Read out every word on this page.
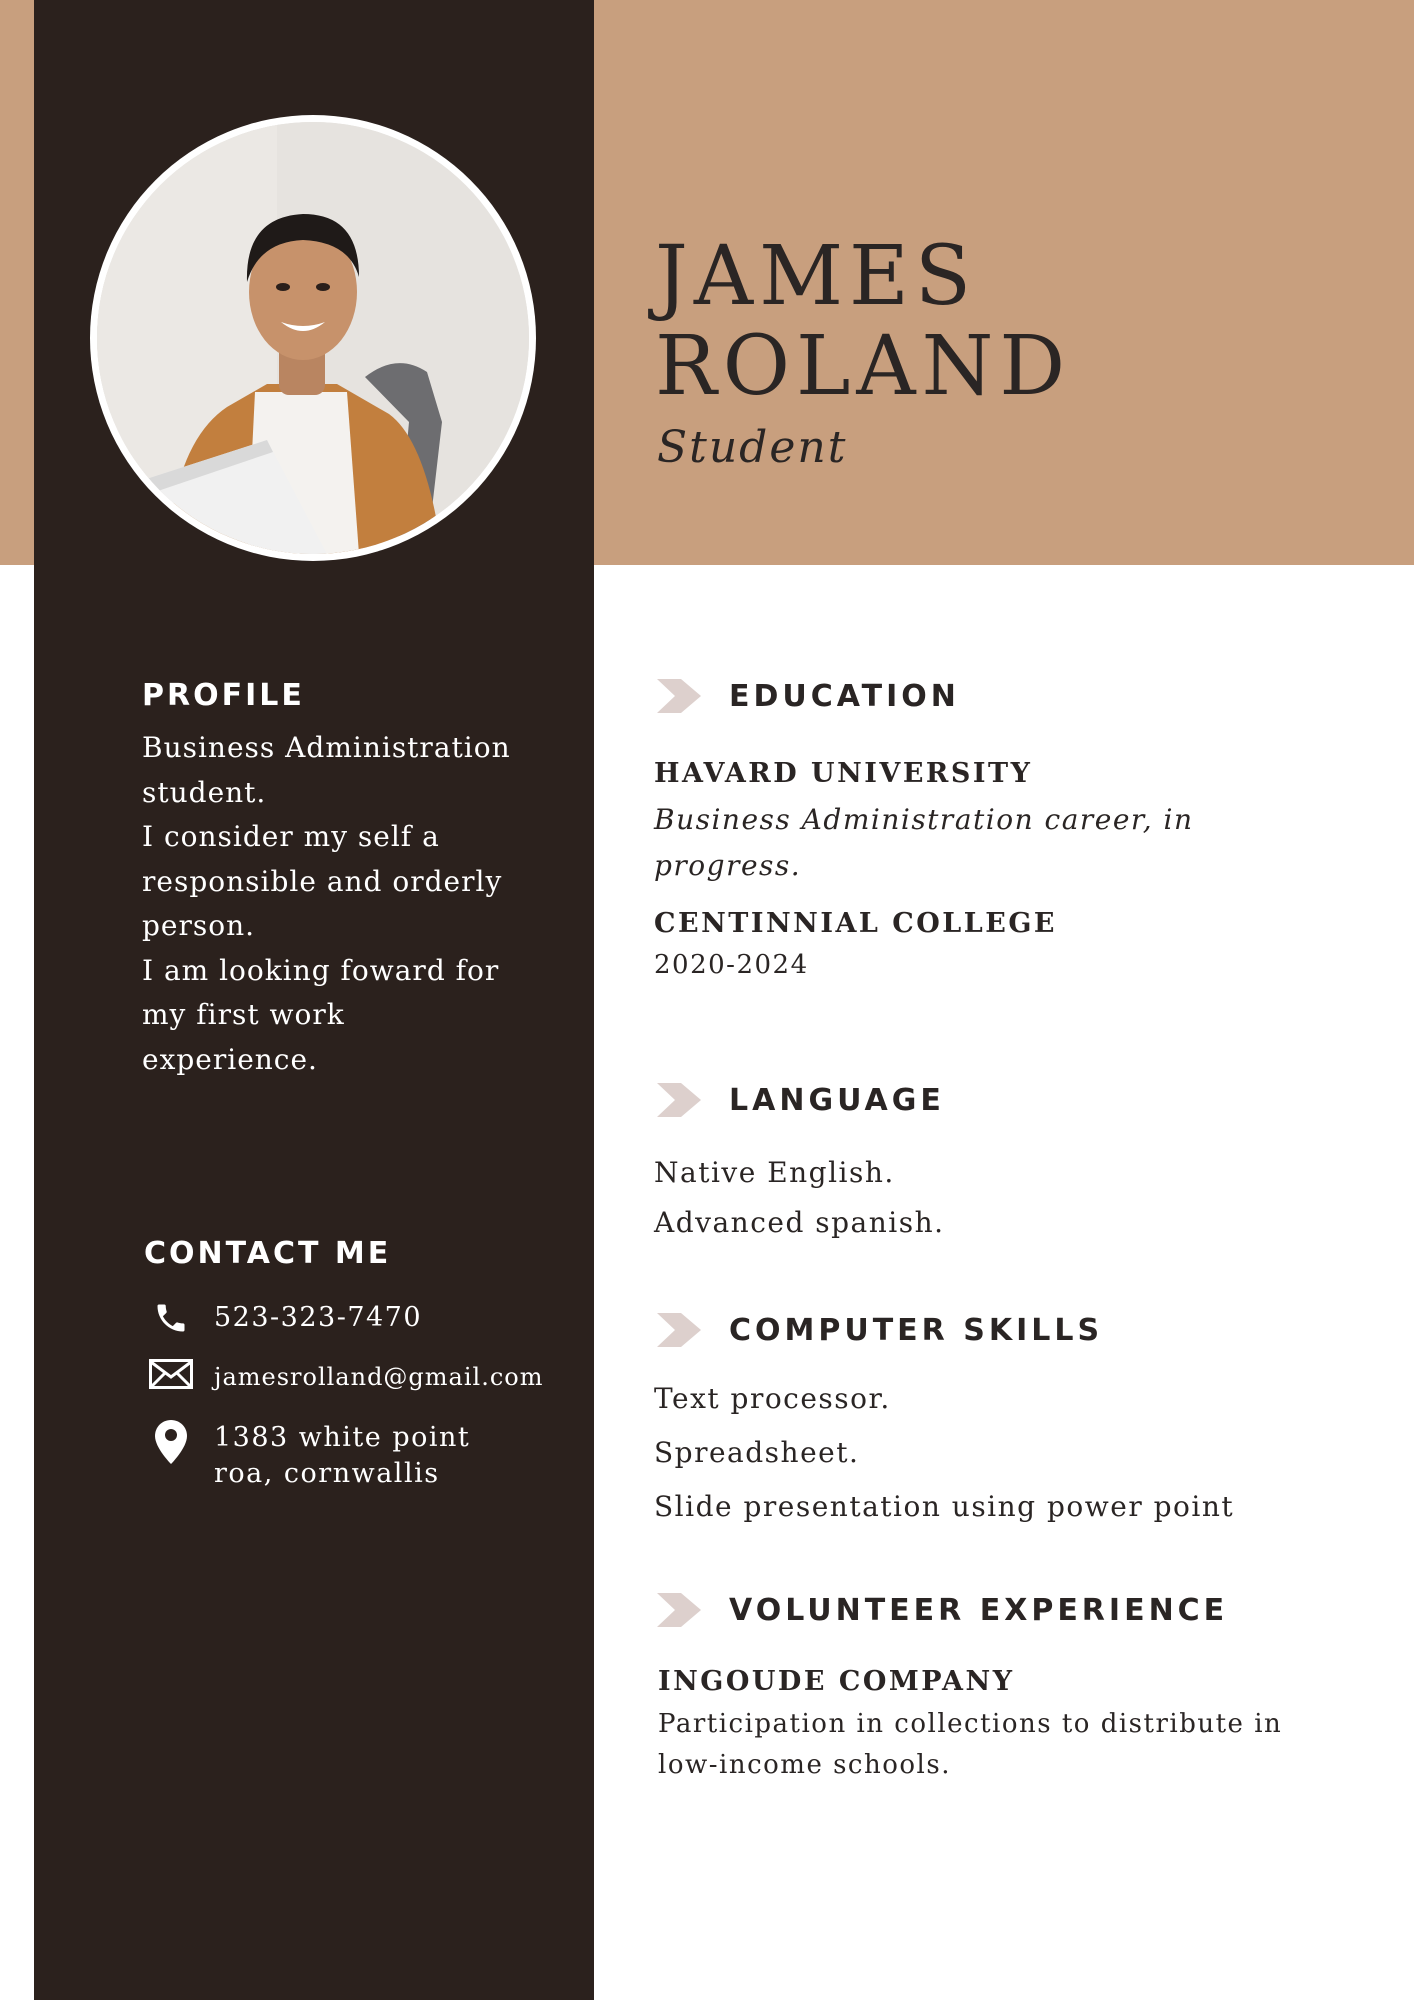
JAMES
ROLAND

Student

PROFILE

Business Administration
student.
I consider my self a
responsible and orderly
person.
I am looking foward for
my first work
experience.

CONTACT ME
523-323-7470
jamesrolland@gmail.com
1383 white point
roa, cornwallis
EDUCATION
HAVARD UNIVERSITY

Business Administration career, in
progress.

CENTINNIAL COLLEGE

2020-2024

LANGUAGE

Native English.
Advanced spanish.

COMPUTER SKILLS

Text processor.
Spreadsheet.
Slide presentation using power point

VOLUNTEER EXPERIENCE
INGOUDE COMPANY

Participation in collections to distribute in
low-income schools.
